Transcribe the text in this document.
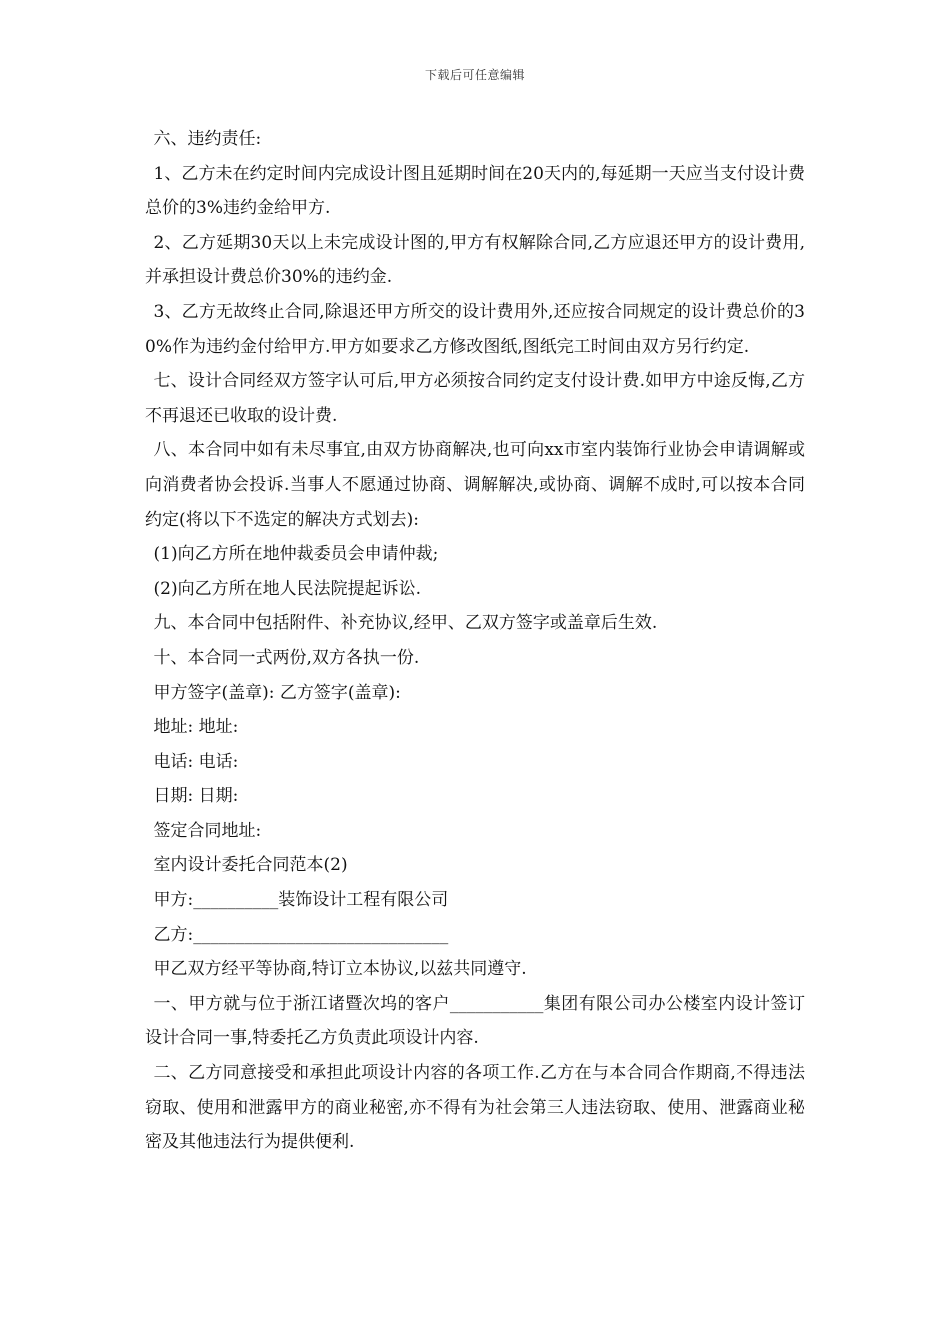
下载后可任意编辑

六、违约责任:

1、乙方未在约定时间内完成设计图且延期时间在20天内的,每延期一天应当支付设计费总价的3%违约金给甲方.

2、乙方延期30天以上未完成设计图的,甲方有权解除合同,乙方应退还甲方的设计费用,并承担设计费总价30%的违约金.

3、乙方无故终止合同,除退还甲方所交的设计费用外,还应按合同规定的设计费总价的30%作为违约金付给甲方.甲方如要求乙方修改图纸,图纸完工时间由双方另行约定.

七、设计合同经双方签字认可后,甲方必须按合同约定支付设计费.如甲方中途反悔,乙方不再退还已收取的设计费.

八、本合同中如有未尽事宜,由双方协商解决,也可向xx市室内装饰行业协会申请调解或向消费者协会投诉.当事人不愿通过协商、调解解决,或协商、调解不成时,可以按本合同约定(将以下不选定的解决方式划去):

(1)向乙方所在地仲裁委员会申请仲裁;

(2)向乙方所在地人民法院提起诉讼.

九、本合同中包括附件、补充协议,经甲、乙双方签字或盖章后生效.

十、本合同一式两份,双方各执一份.

甲方签字(盖章): 乙方签字(盖章):

地址: 地址:

电话: 电话:

日期: 日期:

签定合同地址:

室内设计委托合同范本(2)

甲方:__________装饰设计工程有限公司

乙方:______________________________

甲乙双方经平等协商,特订立本协议,以兹共同遵守.

一、甲方就与位于浙江诸暨次坞的客户___________集团有限公司办公楼室内设计签订设计合同一事,特委托乙方负责此项设计内容.

二、乙方同意接受和承担此项设计内容的各项工作.乙方在与本合同合作期商,不得违法窃取、使用和泄露甲方的商业秘密,亦不得有为社会第三人违法窃取、使用、泄露商业秘密及其他违法行为提供便利.
